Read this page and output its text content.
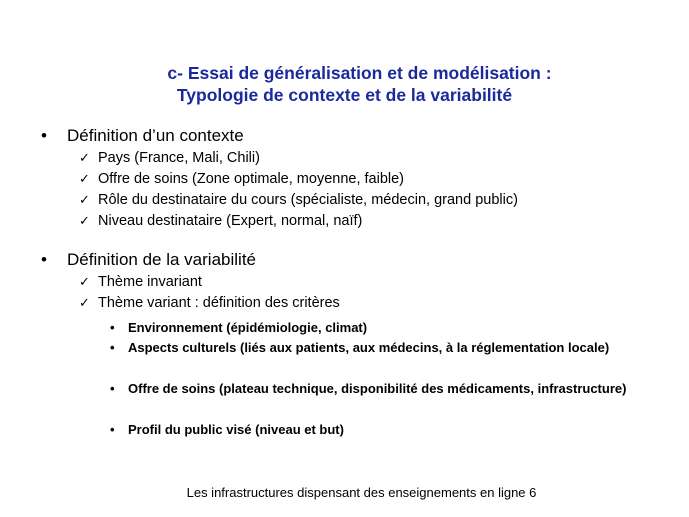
c- Essai de généralisation et de modélisation :
Typologie de contexte et de la variabilité
• Définition d’un contexte
✓ Pays (France, Mali, Chili)
✓ Offre de soins (Zone optimale, moyenne, faible)
✓ Rôle du destinataire du cours (spécialiste, médecin, grand public)
✓ Niveau destinataire (Expert, normal, naïf)
• Définition de la variabilité
✓ Thème invariant
✓ Thème variant : définition des critères
• Environnement (épidémiologie, climat)
• Aspects culturels (liés aux patients, aux médecins, à la réglementation locale)
• Offre de soins (plateau technique, disponibilité des médicaments, infrastructure)
• Profil du public visé (niveau et but)
Les infrastructures dispensant des enseignements en ligne 6
